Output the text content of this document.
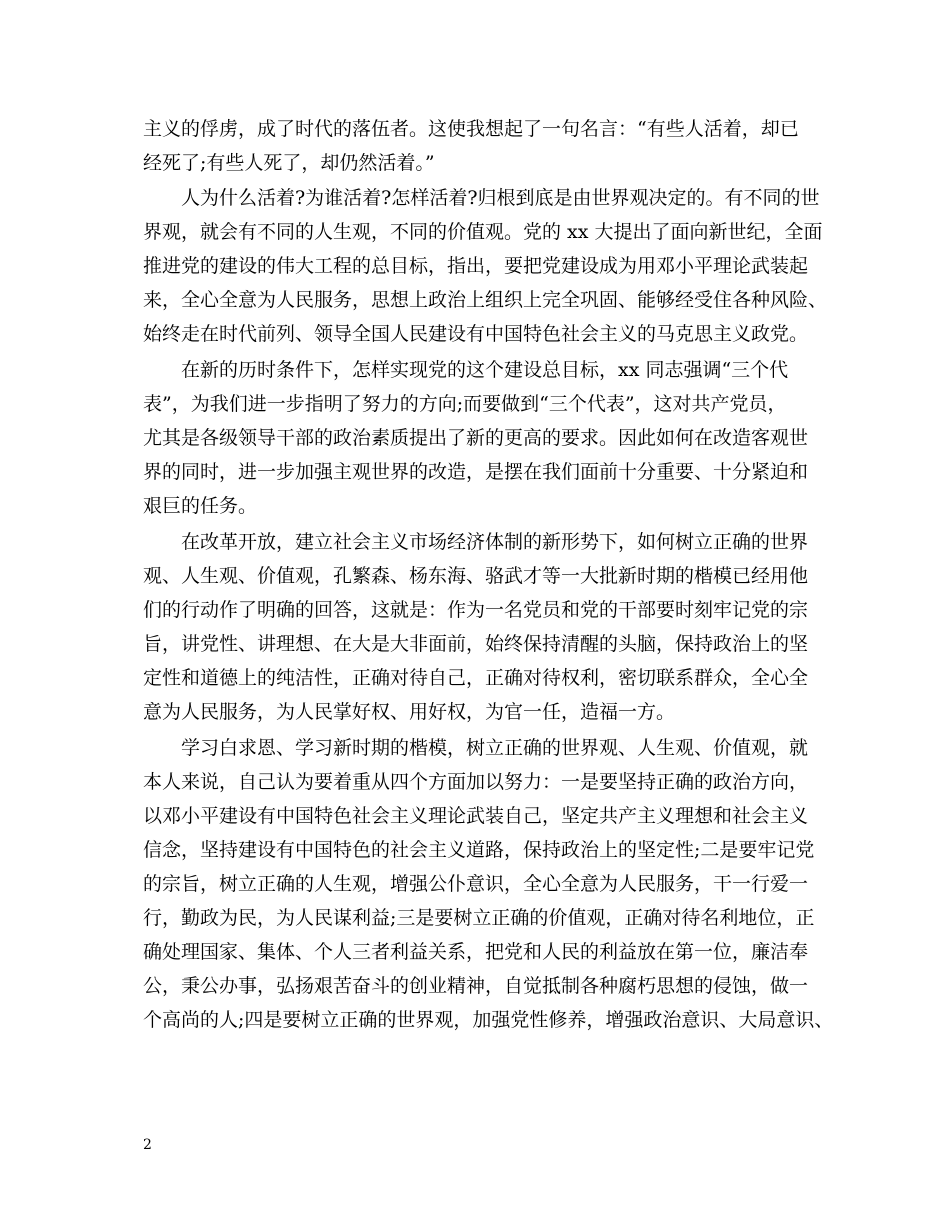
主义的俘虏，成了时代的落伍者。这使我想起了一句名言：“有些人活着，却已

经死了;有些人死了，却仍然活着。”

人为什么活着?为谁活着?怎样活着?归根到底是由世界观决定的。有不同的世

界观，就会有不同的人生观，不同的价值观。党的 xx 大提出了面向新世纪，全面

推进党的建设的伟大工程的总目标，指出，要把党建设成为用邓小平理论武装起

来，全心全意为人民服务，思想上政治上组织上完全巩固、能够经受住各种风险、

始终走在时代前列、领导全国人民建设有中国特色社会主义的马克思主义政党。

在新的历时条件下，怎样实现党的这个建设总目标，xx 同志强调“三个代

表”，为我们进一步指明了努力的方向;而要做到“三个代表”，这对共产党员，

尤其是各级领导干部的政治素质提出了新的更高的要求。因此如何在改造客观世

界的同时，进一步加强主观世界的改造，是摆在我们面前十分重要、十分紧迫和

艰巨的任务。

在改革开放，建立社会主义市场经济体制的新形势下，如何树立正确的世界

观、人生观、价值观，孔繁森、杨东海、骆武才等一大批新时期的楷模已经用他

们的行动作了明确的回答，这就是：作为一名党员和党的干部要时刻牢记党的宗

旨，讲党性、讲理想、在大是大非面前，始终保持清醒的头脑，保持政治上的坚

定性和道德上的纯洁性，正确对待自己，正确对待权利，密切联系群众，全心全

意为人民服务，为人民掌好权、用好权，为官一任，造福一方。

学习白求恩、学习新时期的楷模，树立正确的世界观、人生观、价值观，就

本人来说，自己认为要着重从四个方面加以努力：一是要坚持正确的政治方向，

以邓小平建设有中国特色社会主义理论武装自己，坚定共产主义理想和社会主义

信念，坚持建设有中国特色的社会主义道路，保持政治上的坚定性;二是要牢记党

的宗旨，树立正确的人生观，增强公仆意识，全心全意为人民服务，干一行爱一

行，勤政为民，为人民谋利益;三是要树立正确的价值观，正确对待名利地位，正

确处理国家、集体、个人三者利益关系，把党和人民的利益放在第一位，廉洁奉

公，秉公办事，弘扬艰苦奋斗的创业精神，自觉抵制各种腐朽思想的侵蚀，做一

个高尚的人;四是要树立正确的世界观，加强党性修养，增强政治意识、大局意识、

2
